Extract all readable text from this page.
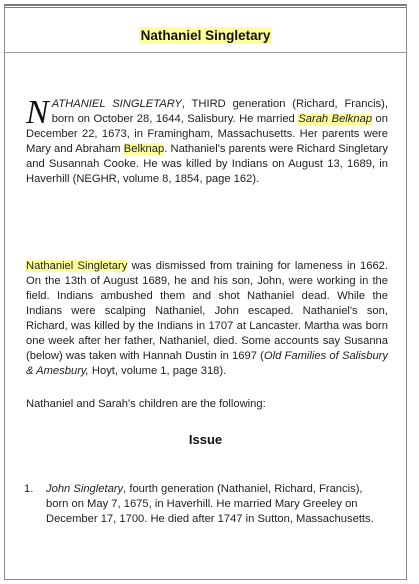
Nathaniel Singletary
NATHANIEL SINGLETARY, THIRD generation (Richard, Francis), born on October 28, 1644, Salisbury. He married Sarah Belknap on December 22, 1673, in Framingham, Massachusetts. Her parents were Mary and Abraham Belknap. Nathaniel's parents were Richard Singletary and Susannah Cooke. He was killed by Indians on August 13, 1689, in Haverhill (NEGHR, volume 8, 1854, page 162).
Nathaniel Singletary was dismissed from training for lameness in 1662. On the 13th of August 1689, he and his son, John, were working in the field. Indians ambushed them and shot Nathaniel dead. While the Indians were scalping Nathaniel, John escaped. Nathaniel's son, Richard, was killed by the Indians in 1707 at Lancaster. Martha was born one week after her father, Nathaniel, died. Some accounts say Susanna (below) was taken with Hannah Dustin in 1697 (Old Families of Salisbury & Amesbury, Hoyt, volume 1, page 318).
Nathaniel and Sarah's children are the following:
Issue
1. John Singletary, fourth generation (Nathaniel, Richard, Francis), born on May 7, 1675, in Haverhill. He married Mary Greeley on December 17, 1700. He died after 1747 in Sutton, Massachusetts.
